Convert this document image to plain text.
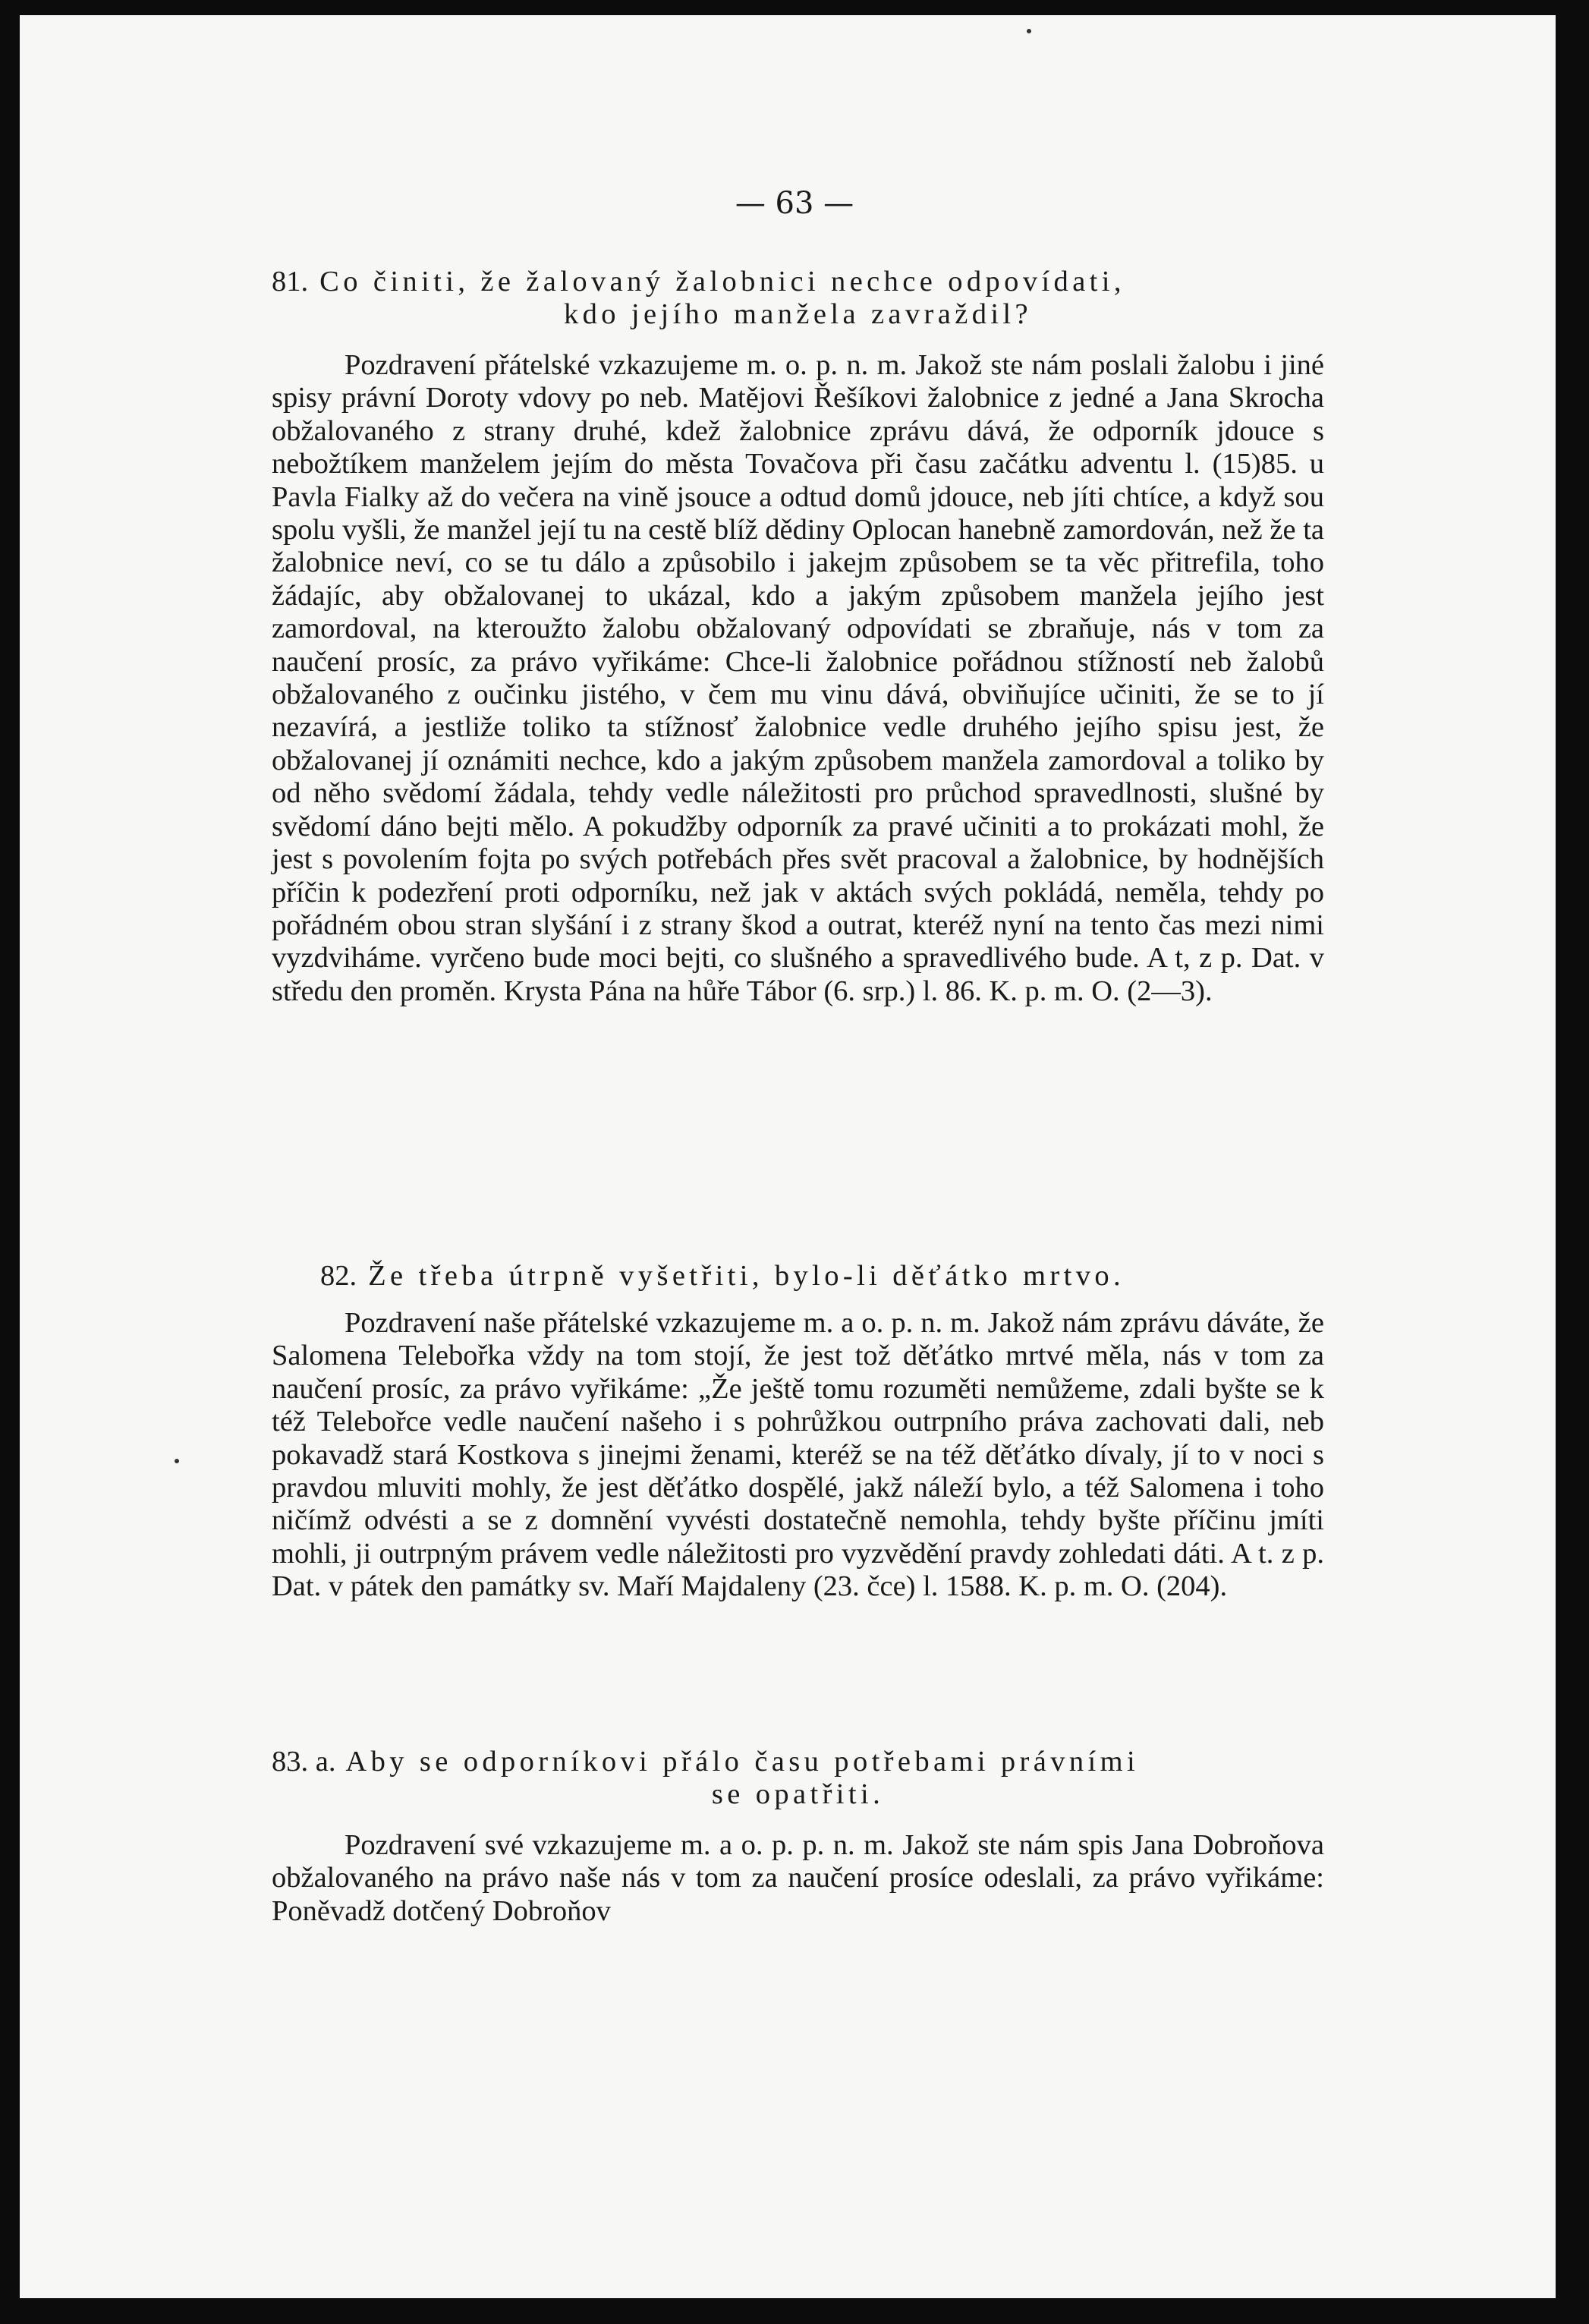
— 63 —
81. Co činiti, že žalovaný žalobnici nechce odpovídati,
kdo jejího manžela zavraždil?

Pozdravení přátelské vzkazujeme m. o. p. n. m. Jakož ste nám poslali žalobu i jiné spisy právní Doroty vdovy po neb. Matějovi Řešíkovi žalobnice z jedné a Jana Skrocha obžalovaného z strany druhé, kdež žalobnice zprávu dává, že odporník jdouce s nebožtíkem manželem jejím do města Tovačova při času začátku adventu l. (15)85. u Pavla Fialky až do večera na vině jsouce a odtud domů jdouce, neb jíti chtíce, a když sou spolu vyšli, že manžel její tu na cestě blíž dědiny Oplocan hanebně zamordován, než že ta žalobnice neví, co se tu dálo a způsobilo i jakejm způsobem se ta věc přitrefila, toho žádajíc, aby obžalovanej to ukázal, kdo a jakým způsobem manžela jejího jest zamordoval, na kteroužto žalobu obžalovaný odpovídati se zbraňuje, nás v tom za naučení prosíc, za právo vyřikáme: Chce-li žalobnice pořádnou stížností neb žalobů obžalovaného z oučinku jistého, v čem mu vinu dává, obviňujíce učiniti, že se to jí nezavírá, a jestliže toliko ta stížnosť žalobnice vedle druhého jejího spisu jest, že obžalovanej jí oznámiti nechce, kdo a jakým způsobem manžela zamordoval a toliko by od něho svědomí žádala, tehdy vedle náležitosti pro průchod spravedlnosti, slušné by svědomí dáno bejti mělo. A pokudžby odporník za pravé učiniti a to prokázati mohl, že jest s povolením fojta po svých potřebách přes svět pracoval a žalobnice, by hodnějších příčin k podezření proti odporníku, než jak v aktách svých pokládá, neměla, tehdy po pořádném obou stran slyšání i z strany škod a outrat, kteréž nyní na tento čas mezi nimi vyzdviháme. vyrčeno bude moci bejti, co slušného a spravedlivého bude. A t, z p. Dat. v středu den proměn. Krysta Pána na hůře Tábor (6. srp.) l. 86. K. p. m. O. (2—3).

82. Že třeba útrpně vyšetřiti, bylo-li děťátko mrtvo.

Pozdravení naše přátelské vzkazujeme m. a o. p. n. m. Jakož nám zprávu dáváte, že Salomena Telebořka vždy na tom stojí, že jest tož děťátko mrtvé měla, nás v tom za naučení prosíc, za právo vyřikáme: „Že ještě tomu rozuměti nemůžeme, zdali byšte se k též Telebořce vedle naučení našeho i s pohrůžkou outrpního práva zachovati dali, neb pokavadž stará Kostkova s jinejmi ženami, kteréž se na též děťátko dívaly, jí to v noci s pravdou mluviti mohly, že jest děťátko dospělé, jakž náleží bylo, a též Salomena i toho ničímž odvésti a se z domnění vyvésti dostatečně nemohla, tehdy byšte příčinu jmíti mohli, ji outrpným právem vedle náležitosti pro vyzvědění pravdy zohledati dáti. A t. z p. Dat. v pátek den památky sv. Maří Majdaleny (23. čce) l. 1588. K. p. m. O. (204).

83. a. Aby se odporníkovi přálo času potřebami právními
se opatřiti.

Pozdravení své vzkazujeme m. a o. p. p. n. m. Jakož ste nám spis Jana Dobroňova obžalovaného na právo naše nás v tom za naučení prosíce odeslali, za právo vyřikáme: Poněvadž dotčený Dobroňov
